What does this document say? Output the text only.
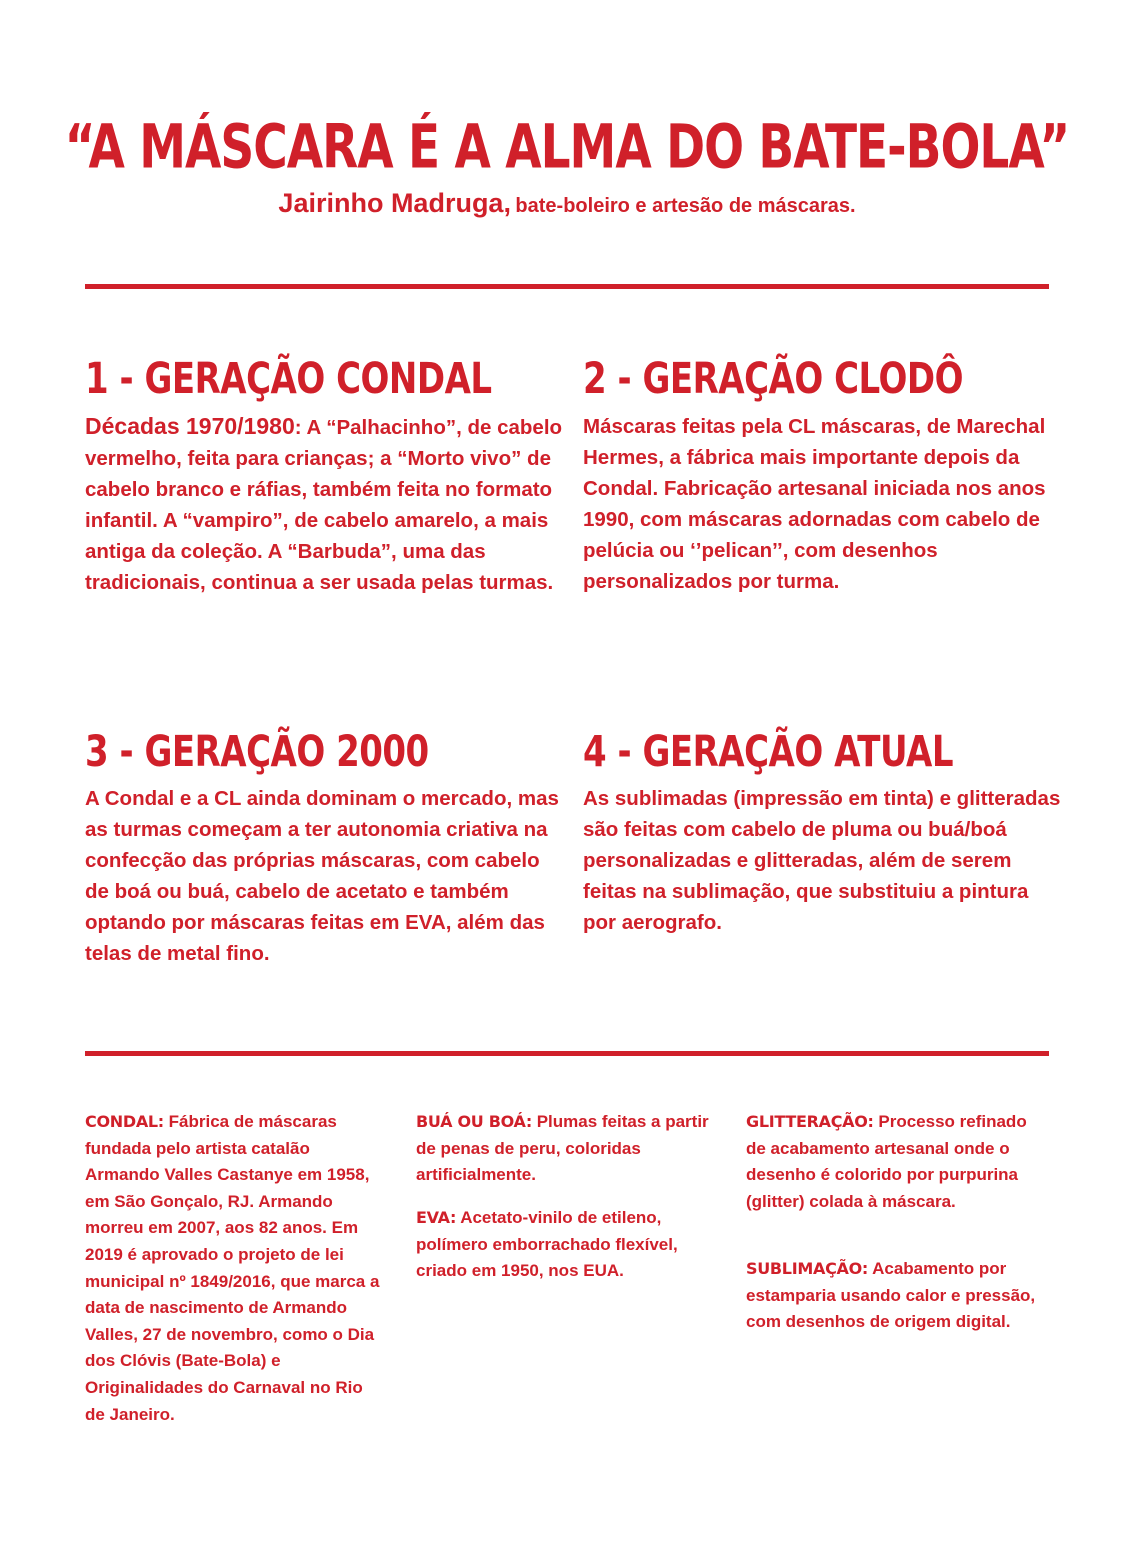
“A MÁSCARA É A ALMA DO BATE-BOLA”
Jairinho Madruga, bate-boleiro e artesão de máscaras.
1 - GERAÇÃO CONDAL

Décadas 1970/1980: A “Palhacinho”, de cabelo vermelho, feita para crianças; a “Morto vivo” de cabelo branco e ráfias, também feita no formato infantil. A “vampiro”, de cabelo amarelo, a mais antiga da coleção. A “Barbuda”, uma das tradicionais, continua a ser usada pelas turmas.

2 - GERAÇÃO CLODÔ

Máscaras feitas pela CL máscaras, de Marechal Hermes, a fábrica mais importante depois da Condal. Fabricação artesanal iniciada nos anos 1990, com máscaras adornadas com cabelo de pelúcia ou ‘’pelican’’, com desenhos personalizados por turma.

3 - GERAÇÃO 2000

A Condal e a CL ainda dominam o mercado, mas as turmas começam a ter autonomia criativa na confecção das próprias máscaras, com cabelo de boá ou buá, cabelo de acetato e também optando por máscaras feitas em EVA, além das telas de metal fino.

4 - GERAÇÃO ATUAL

As sublimadas (impressão em tinta) e glitteradas são feitas com cabelo de pluma ou buá/boá personalizadas e glitteradas, além de serem feitas na sublimação, que substituiu a pintura por aerografo.

CONDAL: Fábrica de máscaras fundada pelo artista catalão Armando Valles Castanye em 1958, em São Gonçalo, RJ. Armando morreu em 2007, aos 82 anos. Em 2019 é aprovado o projeto de lei municipal nº 1849/2016, que marca a data de nascimento de Armando Valles, 27 de novembro, como o Dia dos Clóvis (Bate-Bola) e Originalidades do Carnaval no Rio de Janeiro.
BUÁ OU BOÁ: Plumas feitas a partir de penas de peru, coloridas artificialmente.
EVA: Acetato-vinilo de etileno, polímero emborrachado flexível, criado em 1950, nos EUA.
GLITTERAÇÃO: Processo refinado de acabamento artesanal onde o desenho é colorido por purpurina (glitter) colada à máscara.
SUBLIMAÇÃO: Acabamento por estamparia usando calor e pressão, com desenhos de origem digital.
